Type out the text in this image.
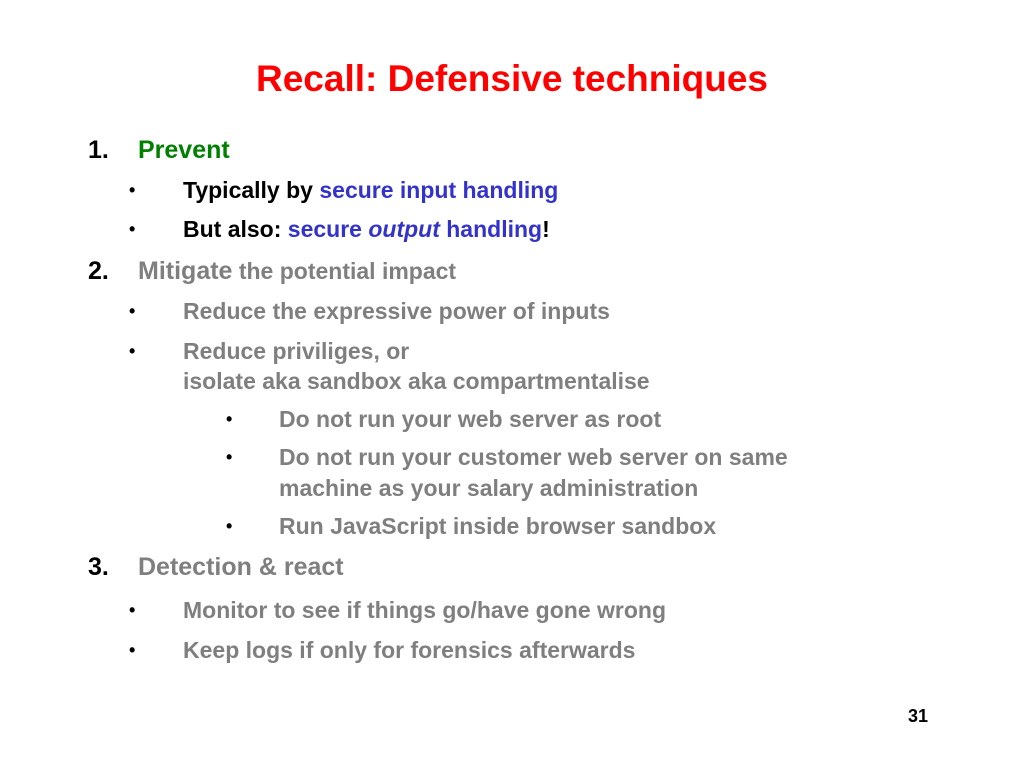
Recall: Defensive techniques
1. Prevent
• Typically by secure input handling
• But also: secure output handling!
2. Mitigate the potential impact
• Reduce the expressive power of inputs
• Reduce priviliges, or
isolate aka sandbox aka compartmentalise
• Do not run your web server as root
• Do not run your customer web server on same
machine as your salary administration
• Run JavaScript inside browser sandbox
3. Detection & react
• Monitor to see if things go/have gone wrong
• Keep logs if only for forensics afterwards
31
